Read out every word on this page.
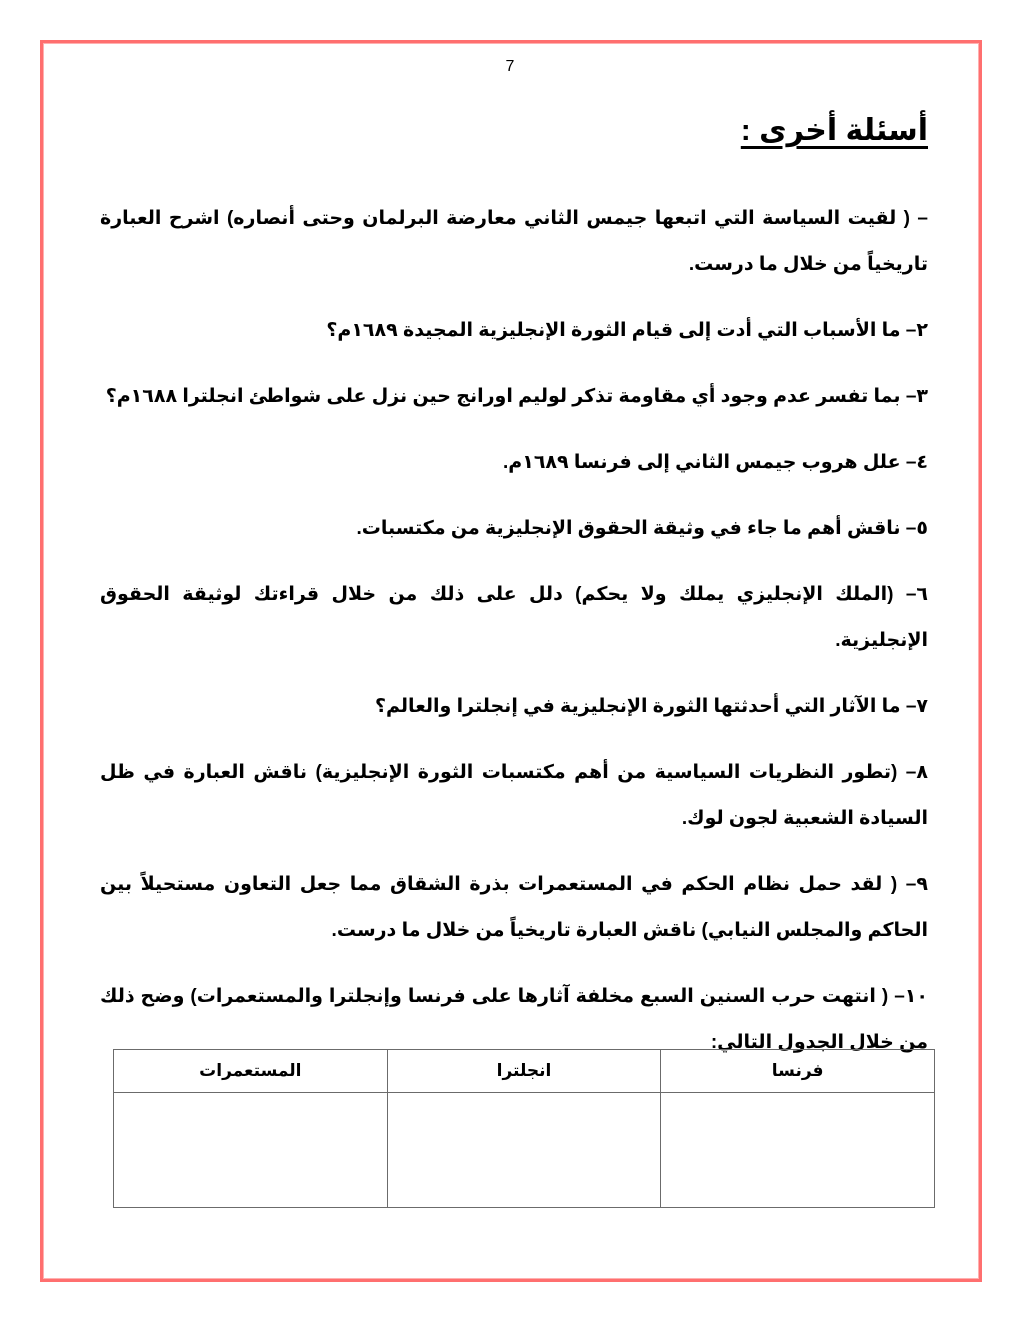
7
أسئلة أخرى :

– ( لقيت السياسة التي اتبعها جيمس الثاني معارضة البرلمان وحتى أنصاره) اشرح العبارة تاريخياً من خلال ما درست.

٢– ما الأسباب التي أدت إلى قيام الثورة الإنجليزية المجيدة ١٦٨٩م؟

٣– بما تفسر عدم وجود أي مقاومة تذكر لوليم اورانج حين نزل على شواطئ انجلترا ١٦٨٨م؟

٤– علل هروب جيمس الثاني إلى فرنسا ١٦٨٩م.

٥– ناقش أهم ما جاء في وثيقة الحقوق الإنجليزية من مكتسبات.

٦– (الملك الإنجليزي يملك ولا يحكم) دلل على ذلك من خلال قراءتك لوثيقة الحقوق الإنجليزية.

٧– ما الآثار التي أحدثتها الثورة الإنجليزية في إنجلترا والعالم؟

٨– (تطور النظريات السياسية من أهم مكتسبات الثورة الإنجليزية) ناقش العبارة في ظل السيادة الشعبية لجون لوك.

٩– ( لقد حمل نظام الحكم في المستعمرات بذرة الشقاق مما جعل التعاون مستحيلاً بين الحاكم والمجلس النيابي) ناقش العبارة تاريخياً من خلال ما درست.

١٠– ( انتهت حرب السنين السبع مخلفة آثارها على فرنسا وإنجلترا والمستعمرات) وضح ذلك من خلال الجدول التالي:

فرنسا	انجلترا	المستعمرات
